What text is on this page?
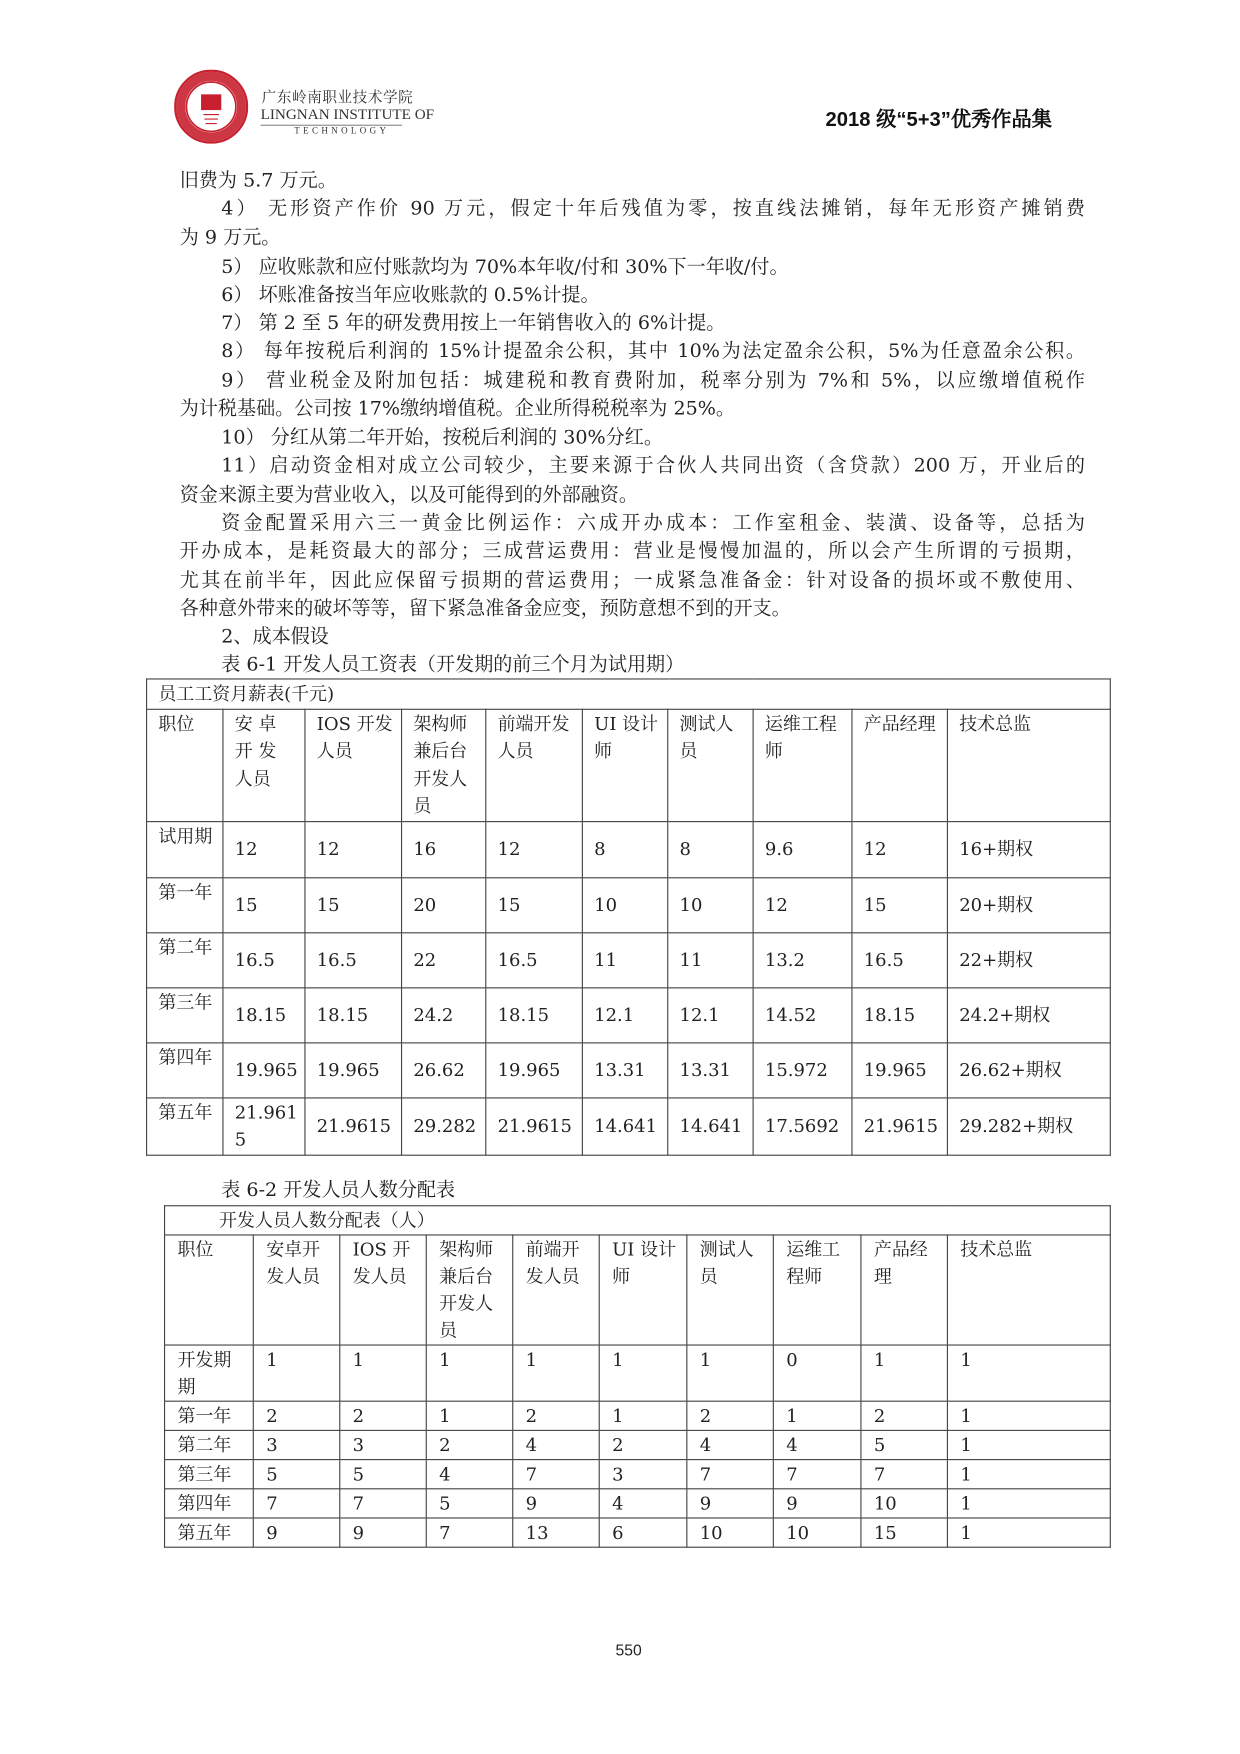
广东岭南职业技术学院
LINGNAN INSTITUTE OF
TECHNOLOGY
2018 级“5+3”优秀作品集
旧费为 5.7 万元。
4） 无形资产作价 90 万元，假定十年后残值为零，按直线法摊销，每年无形资产摊销费
为 9 万元。
5） 应收账款和应付账款均为 70%本年收/付和 30%下一年收/付。
6） 坏账准备按当年应收账款的 0.5%计提。
7） 第 2 至 5 年的研发费用按上一年销售收入的 6%计提。
8） 每年按税后利润的 15%计提盈余公积，其中 10%为法定盈余公积，5%为任意盈余公积。
9） 营业税金及附加包括：城建税和教育费附加，税率分别为 7%和 5%，以应缴增值税作
为计税基础。公司按 17%缴纳增值税。企业所得税税率为 25%。
10） 分红从第二年开始，按税后利润的 30%分红。
11）启动资金相对成立公司较少，主要来源于合伙人共同出资（含贷款）200 万，开业后的
资金来源主要为营业收入，以及可能得到的外部融资。
资金配置采用六三一黄金比例运作：六成开办成本：工作室租金、装潢、设备等，总括为
开办成本，是耗资最大的部分；三成营运费用：营业是慢慢加温的，所以会产生所谓的亏损期，
尤其在前半年，因此应保留亏损期的营运费用；一成紧急准备金：针对设备的损坏或不敷使用、
各种意外带来的破坏等等，留下紧急准备金应变，预防意想不到的开支。
2、成本假设
表 6-1 开发人员工资表（开发期的前三个月为试用期）
员工工资月薪表(千元)									
职位	安 卓 开 发 人员	IOS 开发人员	架构师兼后台开发人员	前端开发人员	UI 设计师	测试人员	运维工程师	产品经理	技术总监
试用期	12	12	16	12	8	8	9.6	12	16+期权
第一年	15	15	20	15	10	10	12	15	20+期权
第二年	16.5	16.5	22	16.5	11	11	13.2	16.5	22+期权
第三年	18.15	18.15	24.2	18.15	12.1	12.1	14.52	18.15	24.2+期权
第四年	19.965	19.965	26.62	19.965	13.31	13.31	15.972	19.965	26.62+期权
第五年	21.9615	21.9615	29.282	21.9615	14.641	14.641	17.5692	21.9615	29.282+期权
表 6-2 开发人员人数分配表
开发人员人数分配表（人）									
职位	安卓开发人员	IOS 开发人员	架构师兼后台开发人员	前端开发人员	UI 设计师	测试人员	运维工程师	产品经理	技术总监
开发期期	1	1	1	1	1	1	0	1	1
第一年	2	2	1	2	1	2	1	2	1
第二年	3	3	2	4	2	4	4	5	1
第三年	5	5	4	7	3	7	7	7	1
第四年	7	7	5	9	4	9	9	10	1
第五年	9	9	7	13	6	10	10	15	1
550
